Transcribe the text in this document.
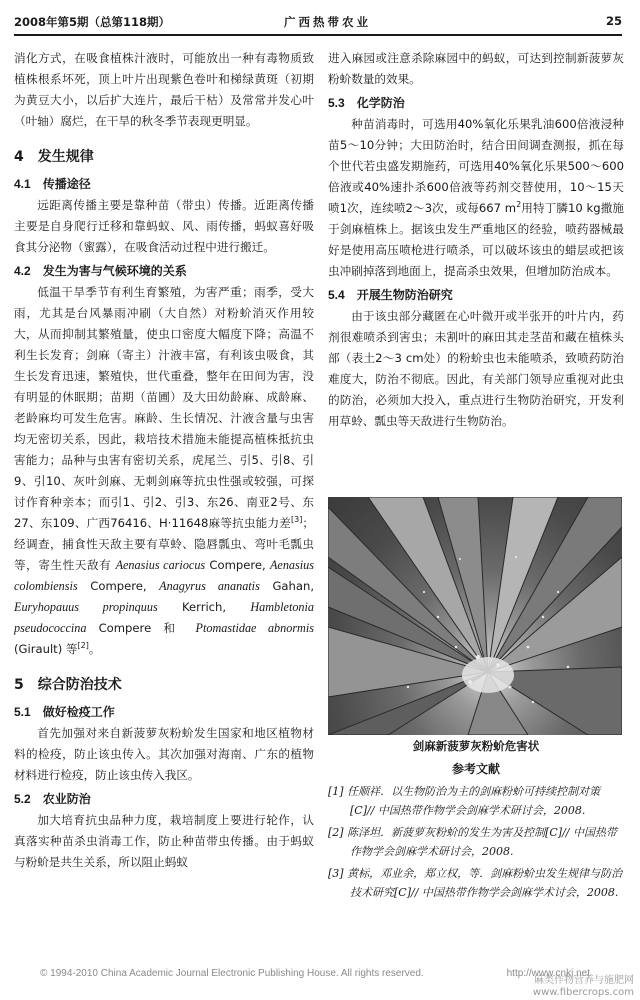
2008年第5期（总第118期）	广西热带农业	25

消化方式，在吸食植株汁液时，可能放出一种有毒物质致植株根系坏死，顶上叶片出现紫色卷叶和梯绿黄斑（初期为黄豆大小，以后扩大连片，最后干枯）及常常并发心叶（叶轴）腐烂，在干旱的秋冬季节表现更明显。

4 发生规律
4.1 传播途径

远距离传播主要是靠种苗（带虫）传播。近距离传播主要是自身爬行迁移和靠蚂蚁、风、雨传播，蚂蚁喜好吸食其分泌物（蜜露），在吸食活动过程中进行搬迁。

4.2 发生为害与气候环境的关系

低温干旱季节有利生育繁殖，为害严重；雨季，受大雨，尤其是台风暴雨冲刷（大自然）对粉蚧消灭作用较大，从而抑制其繁殖量，使虫口密度大幅度下降；高温不利生长发育；剑麻（寄主）汁液丰富，有利该虫吸食，其生长发育迅速，繁殖快，世代重叠，整年在田间为害，没有明显的休眠期；苗期（苗圃）及大田幼龄麻、成龄麻、老龄麻均可发生危害。麻龄、生长情况、汁液含量与虫害均无密切关系，因此，栽培技术措施未能提高植株抵抗虫害能力；品种与虫害有密切关系，虎尾兰、引5、引8、引9、引10、灰叶剑麻、无刺剑麻等抗虫性强或较强，可探讨作育种亲本；而引1、引2、引3、东26、南亚2号、东27、东109、广西76416、H·11648麻等抗虫能力差[3]；经调查，捕食性天敌主要有草蛉、隐唇瓢虫、弯叶毛瓢虫等，寄生性天敌有 Aenasius cariocus Compere, Aenasius colombiensis Compere, Anagyrus ananatis Gahan, Euryhopauus propinquus Kerrich, Hambletonia pseudococcina Compere 和 Ptomastidae abnormis (Girault) 等[2]。

5 综合防治技术
5.1 做好检疫工作

首先加强对来自新菠萝灰粉蚧发生国家和地区植物材料的检疫，防止该虫传入。其次加强对海南、广东的植物材料进行检疫，防止该虫传入我区。

5.2 农业防治

加大培育抗虫品种力度，栽培制度上要进行轮作，认真落实种苗杀虫消毒工作，防止种苗带虫传播。由于蚂蚁与粉蚧是共生关系，所以阻止蚂蚁

进入麻园或注意杀除麻园中的蚂蚁，可达到控制新菠萝灰粉蚧数量的效果。

5.3 化学防治

种苗消毒时，可选用40%氧化乐果乳油600倍液浸种苗5～10分钟；大田防治时，结合田间调查测报，抓在每个世代若虫盛发期施药，可选用40%氧化乐果500～600倍液或40%速扑杀600倍液等药剂交替使用，10～15天喷1次，连续喷2～3次，或每667 $m^2$用特丁膦10 kg撒施于剑麻植株上。据该虫发生严重地区的经验，喷药器械最好是使用高压喷枪进行喷杀，可以破坏该虫的蜡层或把该虫冲刷掉落到地面上，提高杀虫效果，但增加防治成本。

5.4 开展生物防治研究

由于该虫部分藏匿在心叶微开或半张开的叶片内，药剂很难喷杀到害虫；未割叶的麻田其走茎苗和藏在植株头部（表土2～3 cm处）的粉蚧虫也未能喷杀，致喷药防治难度大，防治不彻底。因此，有关部门领导应重视对此虫的防治，必须加大投入，重点进行生物防治研究，开发利用草蛉、瓢虫等天敌进行生物防治。

剑麻新菠萝灰粉蚧危害状
参考文献

[1] 任顺祥．以生物防治为主的剑麻粉蚧可持续控制对策[C]// 中国热带作物学会剑麻学术研讨会，2008.

[2] 陈泽坦．新菠萝灰粉蚧的发生为害及控制[C]// 中国热带作物学会剑麻学术研讨会，2008.

[3] 黄标，邓业余，郑立权，等．剑麻粉蚧虫发生规律与防治技术研究[C]// 中国热带作物学会剑麻学术讨会，2008.

© 1994-2010 China Academic Journal Electronic Publishing House. All rights reserved.	http://www.cnki.net
麻类作物营养与施肥网
www.fibercrops.com
